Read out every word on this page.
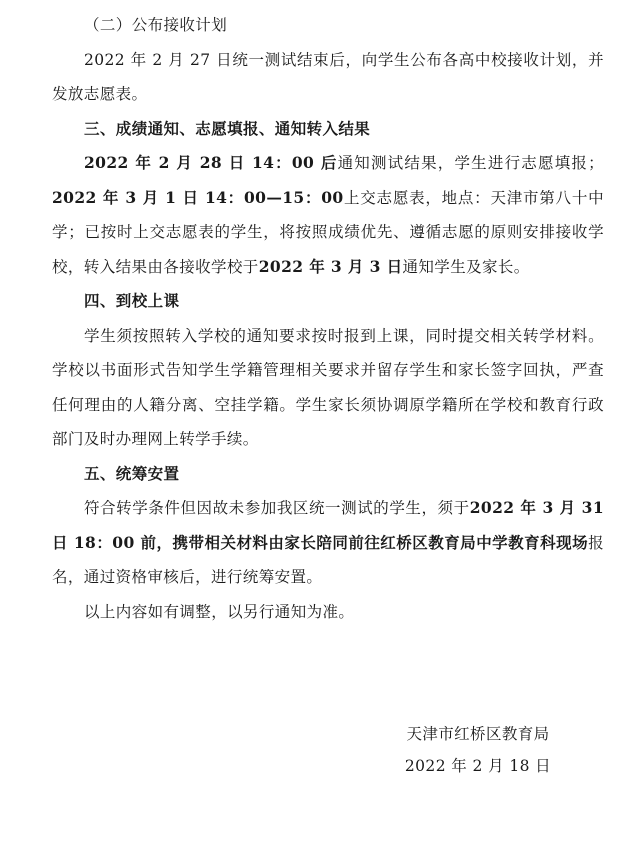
（二）公布接收计划

2022 年 2 月 27 日统一测试结束后，向学生公布各高中校接收计划，并发放志愿表。

三、成绩通知、志愿填报、通知转入结果

2022 年 2 月 28 日 14：00 后通知测试结果，学生进行志愿填报；2022 年 3 月 1 日 14：00—15：00上交志愿表，地点：天津市第八十中学；已按时上交志愿表的学生，将按照成绩优先、遵循志愿的原则安排接收学校，转入结果由各接收学校于2022 年 3 月 3 日通知学生及家长。

四、到校上课

学生须按照转入学校的通知要求按时报到上课，同时提交相关转学材料。学校以书面形式告知学生学籍管理相关要求并留存学生和家长签字回执，严查任何理由的人籍分离、空挂学籍。学生家长须协调原学籍所在学校和教育行政部门及时办理网上转学手续。

五、统筹安置

符合转学条件但因故未参加我区统一测试的学生，须于2022 年 3 月 31 日 18：00 前，携带相关材料由家长陪同前往红桥区教育局中学教育科现场报名，通过资格审核后，进行统筹安置。

以上内容如有调整，以另行通知为准。

天津市红桥区教育局
2022 年 2 月 18 日
